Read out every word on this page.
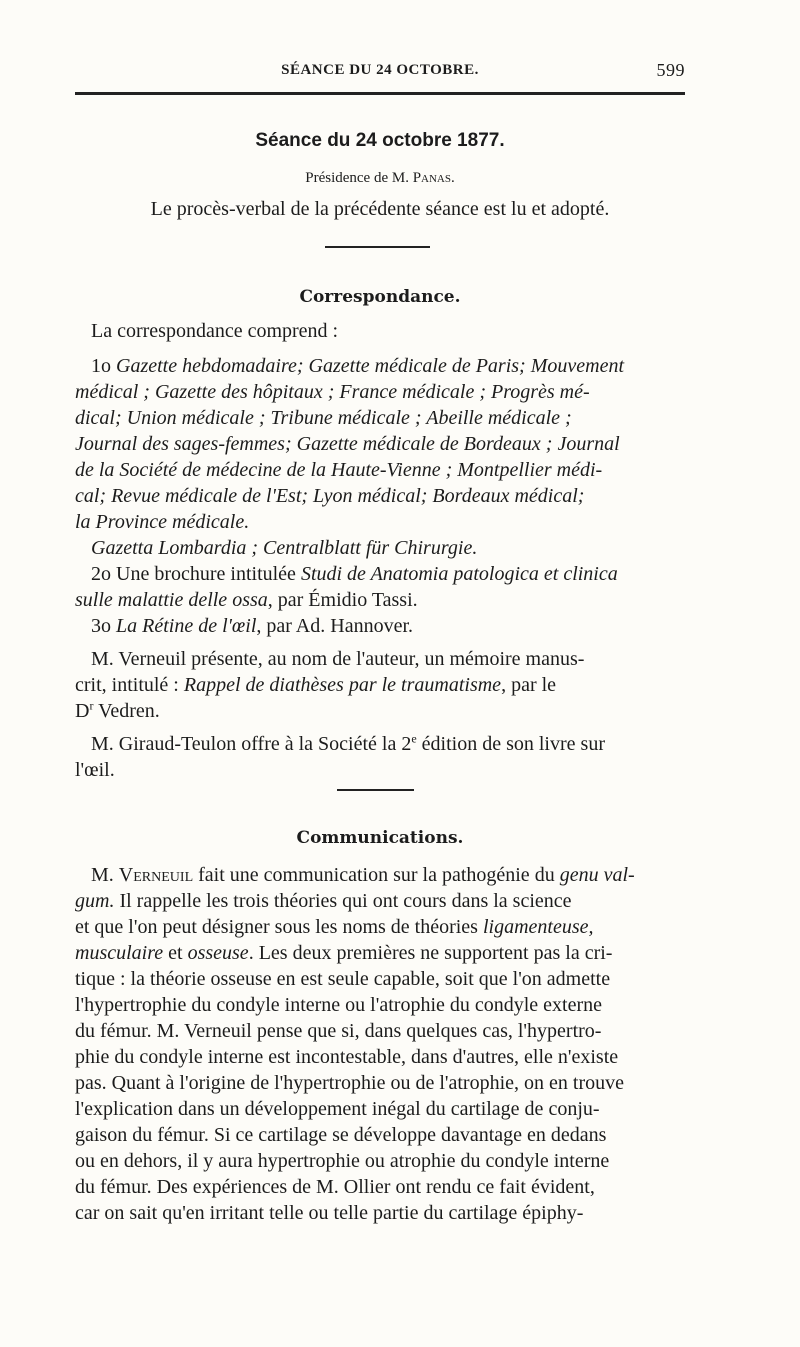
SÉANCE DU 24 OCTOBRE.	599
Séance du 24 octobre 1877.
Présidence de M. Panas.
Le procès-verbal de la précédente séance est lu et adopté.
Correspondance.

La correspondance comprend :

1o Gazette hebdomadaire; Gazette médicale de Paris; Mouvement

médical ; Gazette des hôpitaux ; France médicale ; Progrès mé-

dical; Union médicale ; Tribune médicale ; Abeille médicale ;

Journal des sages-femmes; Gazette médicale de Bordeaux ; Journal

de la Société de médecine de la Haute-Vienne ; Montpellier médi-

cal; Revue médicale de l'Est; Lyon médical; Bordeaux médical;

la Province médicale.

Gazetta Lombardia ; Centralblatt für Chirurgie.

2o Une brochure intitulée Studi de Anatomia patologica et clinica

sulle malattie delle ossa, par Émidio Tassi.

3o La Rétine de l'œil, par Ad. Hannover.

M. Verneuil présente, au nom de l'auteur, un mémoire manus-

crit, intitulé : Rappel de diathèses par le traumatisme, par le

$D^r$ Vedren.

M. Giraud-Teulon offre à la Société la 2e édition de son livre sur

l'œil.

Communications.

M. Verneuil fait une communication sur la pathogénie du genu val-

gum. Il rappelle les trois théories qui ont cours dans la science

et que l'on peut désigner sous les noms de théories ligamenteuse,

musculaire et osseuse. Les deux premières ne supportent pas la cri-

tique : la théorie osseuse en est seule capable, soit que l'on admette

l'hypertrophie du condyle interne ou l'atrophie du condyle externe

du fémur. M. Verneuil pense que si, dans quelques cas, l'hypertro-

phie du condyle interne est incontestable, dans d'autres, elle n'existe

pas. Quant à l'origine de l'hypertrophie ou de l'atrophie, on en trouve

l'explication dans un développement inégal du cartilage de conju-

gaison du fémur. Si ce cartilage se développe davantage en dedans

ou en dehors, il y aura hypertrophie ou atrophie du condyle interne

du fémur. Des expériences de M. Ollier ont rendu ce fait évident,

car on sait qu'en irritant telle ou telle partie du cartilage épiphy-
